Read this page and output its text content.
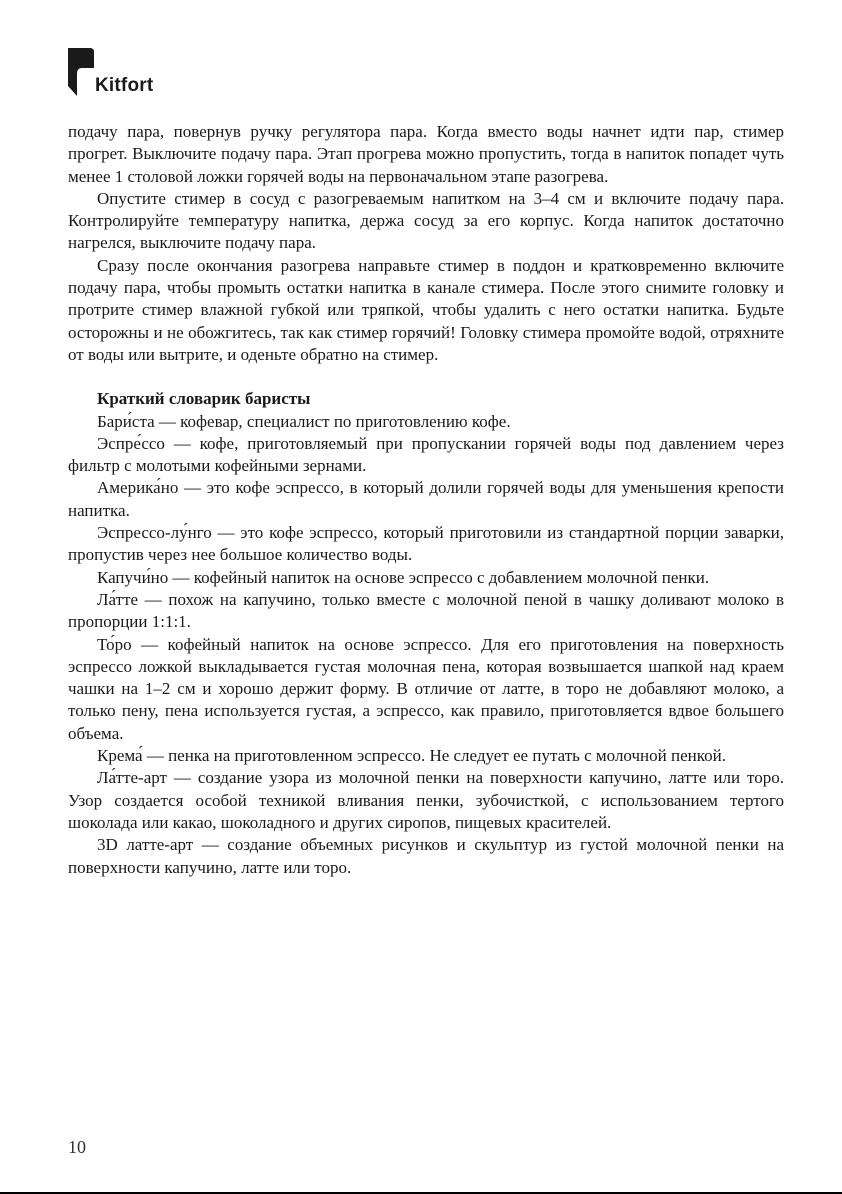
Kitfort

подачу пара, повернув ручку регулятора пара. Когда вместо воды начнет идти пар, стимер прогрет. Выключите подачу пара. Этап прогрева можно пропустить, тогда в напиток попадет чуть менее 1 столовой ложки горячей воды на первоначальном этапе разогрева.

Опустите стимер в сосуд с разогреваемым напитком на 3–4 см и включите подачу пара. Контролируйте температуру напитка, держа сосуд за его корпус. Когда напиток достаточно нагрелся, выключите подачу пара.

Сразу после окончания разогрева направьте стимер в поддон и кратковременно включите подачу пара, чтобы промыть остатки напитка в канале стимера. После этого снимите головку и протрите стимер влажной губкой или тряпкой, чтобы удалить с него остатки напитка. Будьте осторожны и не обожгитесь, так как стимер горячий! Головку стимера промойте водой, отряхните от воды или вытрите, и оденьте обратно на стимер.

Краткий словарик баристы

Бари́ста — кофевар, специалист по приготовлению кофе.

Эспре́ссо — кофе, приготовляемый при пропускании горячей воды под давлением через фильтр с молотыми кофейными зернами.

Америка́но — это кофе эспрессо, в который долили горячей воды для уменьшения крепости напитка.

Эспрессо-лу́нго — это кофе эспрессо, который приготовили из стандартной порции заварки, пропустив через нее большое количество воды.

Капучи́но — кофейный напиток на основе эспрессо с добавлением молочной пенки.

Ла́тте — похож на капучино, только вместе с молочной пеной в чашку доливают молоко в пропорции 1:1:1.

То́ро — кофейный напиток на основе эспрессо. Для его приготовления на поверхность эспрессо ложкой выкладывается густая молочная пена, которая возвышается шапкой над краем чашки на 1–2 см и хорошо держит форму. В отличие от латте, в торо не добавляют молоко, а только пену, пена используется густая, а эспрессо, как правило, приготовляется вдвое большего объема.

Крема́ — пенка на приготовленном эспрессо. Не следует ее путать с молочной пенкой.

Ла́тте-арт — создание узора из молочной пенки на поверхности капучино, латте или торо. Узор создается особой техникой вливания пенки, зубочисткой, с использованием тертого шоколада или какао, шоколадного и других сиропов, пищевых красителей.

3D латте-арт — создание объемных рисунков и скульптур из густой молочной пенки на поверхности капучино, латте или торо.

10
